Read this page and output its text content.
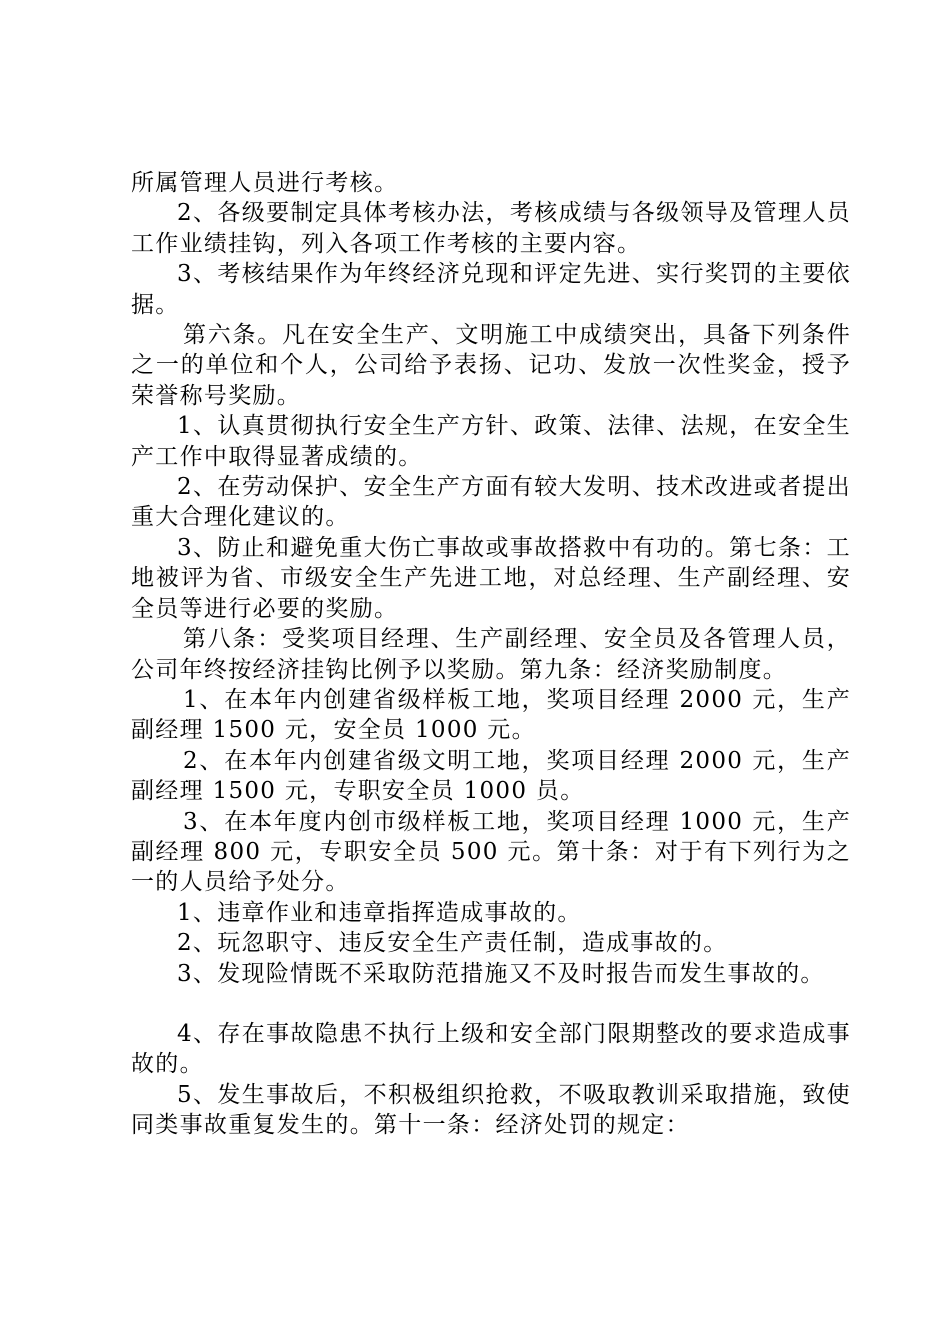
所属管理人员进行考核。

2、各级要制定具体考核办法，考核成绩与各级领导及管理人员工作业绩挂钩，列入各项工作考核的主要内容。

3、考核结果作为年终经济兑现和评定先进、实行奖罚的主要依据。

第六条。凡在安全生产、文明施工中成绩突出，具备下列条件之一的单位和个人，公司给予表扬、记功、发放一次性奖金，授予荣誉称号奖励。

1、认真贯彻执行安全生产方针、政策、法律、法规，在安全生产工作中取得显著成绩的。

2、在劳动保护、安全生产方面有较大发明、技术改进或者提出重大合理化建议的。

3、防止和避免重大伤亡事故或事故搭救中有功的。第七条：工地被评为省、市级安全生产先进工地，对总经理、生产副经理、安全员等进行必要的奖励。

第八条：受奖项目经理、生产副经理、安全员及各管理人员，公司年终按经济挂钩比例予以奖励。第九条：经济奖励制度。

1、在本年内创建省级样板工地，奖项目经理 2000 元，生产副经理 1500 元，安全员 1000 元。

2、在本年内创建省级文明工地，奖项目经理 2000 元，生产副经理 1500 元，专职安全员 1000 员。

3、在本年度内创市级样板工地，奖项目经理 1000 元，生产副经理 800 元，专职安全员 500 元。第十条：对于有下列行为之一的人员给予处分。

1、违章作业和违章指挥造成事故的。

2、玩忽职守、违反安全生产责任制，造成事故的。

3、发现险情既不采取防范措施又不及时报告而发生事故的。

4、存在事故隐患不执行上级和安全部门限期整改的要求造成事故的。

5、发生事故后，不积极组织抢救，不吸取教训采取措施，致使同类事故重复发生的。第十一条：经济处罚的规定：
